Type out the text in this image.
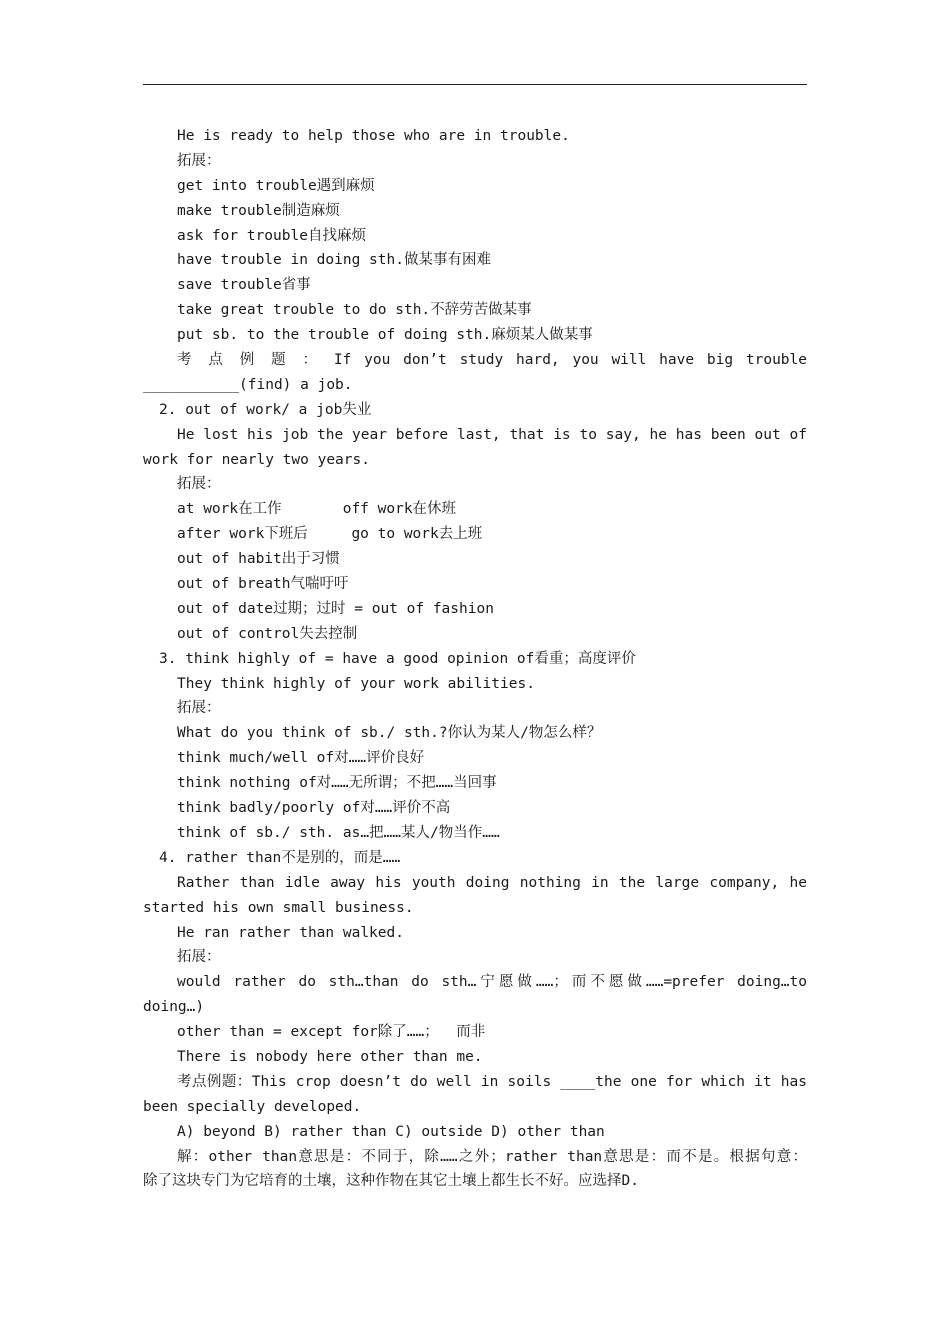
He is ready to help those who are in trouble.
拓展：
get into trouble遇到麻烦
make trouble制造麻烦
ask for trouble自找麻烦
have trouble in doing sth.做某事有困难
save trouble省事
take great trouble to do sth.不辞劳苦做某事
put sb. to the trouble of doing sth.麻烦某人做某事
考 点 例 题 ： If you don’t study hard, you will have big trouble
___________(find) a job.
2. out of work/ a job失业
He lost his job the year before last, that is to say, he has been out of
work for nearly two years.
拓展：
at work在工作       off work在休班
after work下班后     go to work去上班
out of habit出于习惯
out of breath气喘吁吁
out of date过期；过时 = out of fashion
out of control失去控制
3. think highly of = have a good opinion of看重；高度评价
They think highly of your work abilities.
拓展：
What do you think of sb./ sth.?你认为某人/物怎么样？
think much/well of对……评价良好
think nothing of对……无所谓；不把……当回事
think badly/poorly of对……评价不高
think of sb./ sth. as…把……某人/物当作……
4. rather than不是别的，而是……
Rather than idle away his youth doing nothing in the large company, he
started his own small business.
He ran rather than walked.
拓展：
would rather do sth…than do sth…宁愿做……；而不愿做……=prefer doing…to
doing…)
other than = except for除了……；  而非
There is nobody here other than me.
考点例题：This crop doesn’t do well in soils ____the one for which it has
been specially developed.
A) beyond B) rather than C) outside D) other than
解：other than意思是：不同于，除……之外；rather than意思是：而不是。根据句意：
除了这块专门为它培育的土壤，这种作物在其它土壤上都生长不好。应选择D.
